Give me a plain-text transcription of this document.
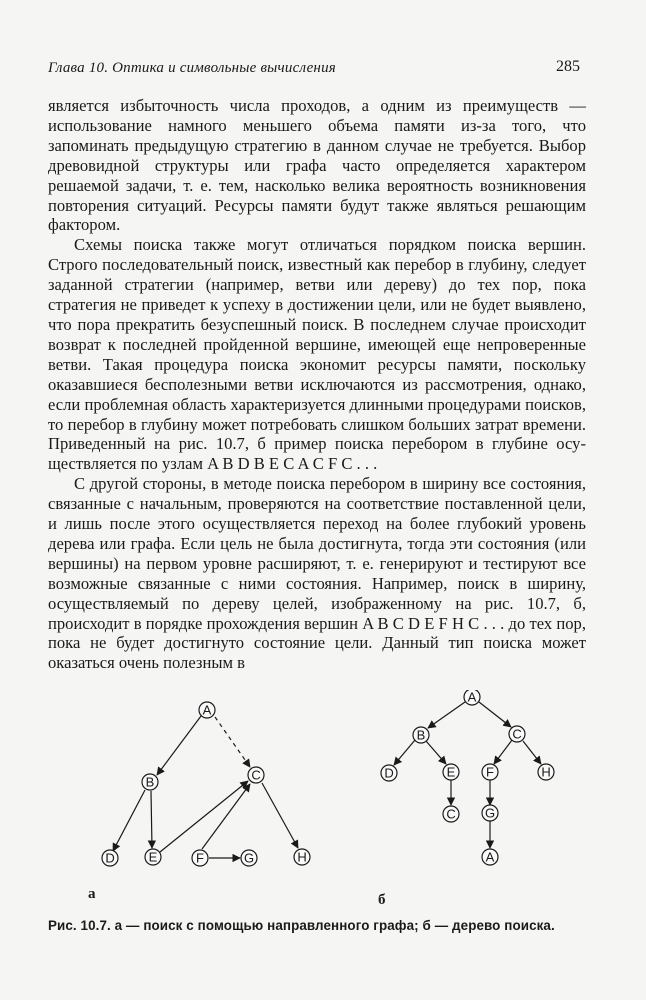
Глава 10. Оптика и символьные вычисления	285

является избыточность числа проходов, а одним из преимуществ — использование намного меньшего объема памяти из-за того, что запоминать предыдущую стратегию в данном случае не требуется. Выбор древовидной структуры или графа часто определяется характером решаемой задачи, т. е. тем, насколько велика вероятность возникновения повторения ситуаций. Ресурсы памяти будут также являться решающим фактором.

Схемы поиска также могут отличаться порядком поиска вершин. Строго последовательный поиск, известный как перебор в глубину, следует заданной стратегии (например, ветви или дереву) до тех пор, пока стратегия не приведет к успеху в достижении цели, или не будет выявлено, что пора прекратить безуспешный поиск. В последнем случае происходит возврат к последней пройденной вершине, имеющей еще непроверенные ветви. Такая процедура поиска экономит ресурсы памяти, поскольку оказавшиеся бесполезными ветви исключаются из рассмотрения, однако, если проблемная область характеризуется длинными процедурами поисков, то перебор в глубину может потребовать слишком больших затрат времени. Приведенный на рис. 10.7, б пример поиска перебором в глубине осуществляется по узлам A B D B E C A C F C . . .

С другой стороны, в методе поиска перебором в ширину все состояния, связанные с начальным, проверяются на соответствие поставленной цели, и лишь после этого осуществляется переход на более глубокий уровень дерева или графа. Если цель не была достигнута, тогда эти состояния (или вершины) на первом уровне расширяют, т. е. генерируют и тестируют все возможные связанные с ними состояния. Например, поиск в ширину, осуществляемый по дереву целей, изображенному на рис. 10.7, б, происходит в порядке прохождения вершин A B C D E F H C . . . до тех пор, пока не будет достигнуто состояние цели. Данный тип поиска может оказаться очень полезным в

A
B	C
D	E	F	G	H
A
B	C
D	E
C
F	H
G
A
а	б
Рис. 10.7. а — поиск с помощью направленного графа; б — дерево поиска.
